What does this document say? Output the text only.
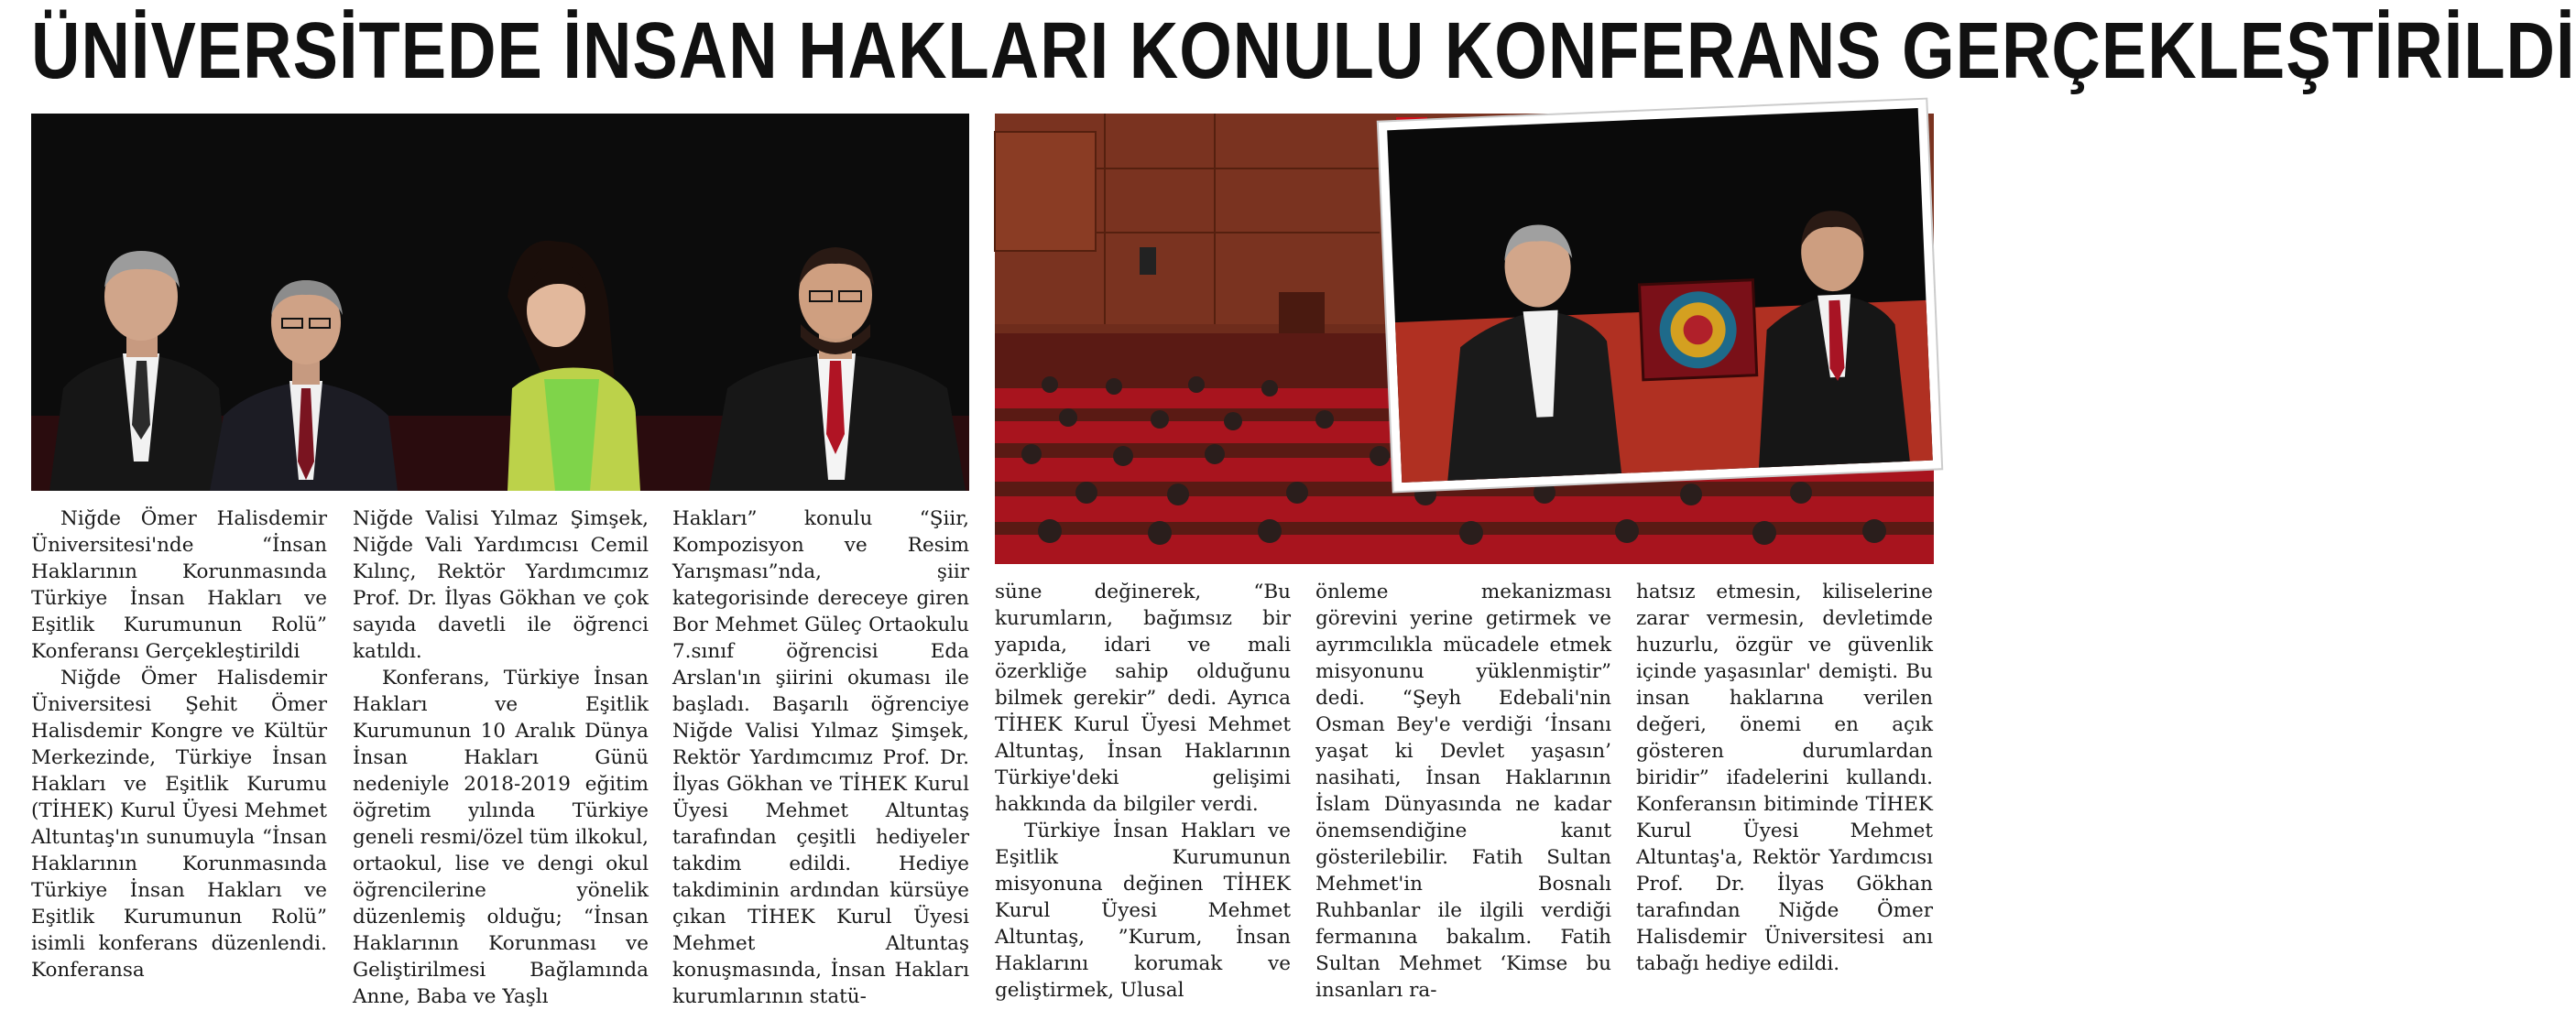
ÜNİVERSİTEDE İNSAN HAKLARI KONULU KONFERANS GERÇEKLEŞTİRİLDİ

Niğde Ömer Halisdemir Üniversitesi'nde “İnsan Haklarının Korunmasında Türkiye İnsan Hakları ve Eşitlik Kurumunun Rolü” Konferansı Gerçekleştirildi

Niğde Ömer Halisdemir Üniversitesi Şehit Ömer Halisdemir Kongre ve Kültür Merkezinde, Türkiye İnsan Hakları ve Eşitlik Kurumu (TİHEK) Kurul Üyesi Mehmet Altuntaş'ın sunumuyla “İnsan Haklarının Korunmasında Türkiye İnsan Hakları ve Eşitlik Kurumunun Rolü” isimli konferans düzenlendi. Konferansa

Niğde Valisi Yılmaz Şimşek, Niğde Vali Yardımcısı Cemil Kılınç, Rektör Yardımcımız Prof. Dr. İlyas Gökhan ve çok sayıda davetli ile öğrenci katıldı.

Konferans, Türkiye İnsan Hakları ve Eşitlik Kurumunun 10 Aralık Dünya İnsan Hakları Günü nedeniyle 2018-2019 eğitim öğretim yılında Türkiye geneli resmi/özel tüm ilkokul, ortaokul, lise ve dengi okul öğrencilerine yönelik düzenlemiş olduğu; “İnsan Haklarının Korunması ve Geliştirilmesi Bağlamında Anne, Baba ve Yaşlı

Hakları” konulu “Şiir, Kompozisyon ve Resim Yarışması”nda, şiir kategorisinde dereceye giren Bor Mehmet Güleç Ortaokulu 7.sınıf öğrencisi Eda Arslan'ın şiirini okuması ile başladı. Başarılı öğrenciye Niğde Valisi Yılmaz Şimşek, Rektör Yardımcımız Prof. Dr. İlyas Gökhan ve TİHEK Kurul Üyesi Mehmet Altuntaş tarafından çeşitli hediyeler takdim edildi. Hediye takdiminin ardından kürsüye çıkan TİHEK Kurul Üyesi Mehmet Altuntaş konuşmasında, İnsan Hakları kurumlarının statü-

süne değinerek, “Bu kurumların, bağımsız bir yapıda, idari ve mali özerkliğe sahip olduğunu bilmek gerekir” dedi. Ayrıca TİHEK Kurul Üyesi Mehmet Altuntaş, İnsan Haklarının Türkiye'deki gelişimi hakkında da bilgiler verdi.

Türkiye İnsan Hakları ve Eşitlik Kurumunun misyonuna değinen TİHEK Kurul Üyesi Mehmet Altuntaş, ”Kurum, İnsan Haklarını korumak ve geliştirmek, Ulusal

önleme mekanizması görevini yerine getirmek ve ayrımcılıkla mücadele etmek misyonunu yüklenmiştir” dedi. “Şeyh Edebali'nin Osman Bey'e verdiği ‘İnsanı yaşat ki Devlet yaşasın’ nasihati, İnsan Haklarının İslam Dünyasında ne kadar önemsendiğine kanıt gösterilebilir. Fatih Sultan Mehmet'in Bosnalı Ruhbanlar ile ilgili verdiği fermanına bakalım. Fatih Sultan Mehmet ‘Kimse bu insanları ra-

hatsız etmesin, kiliselerine zarar vermesin, devletimde huzurlu, özgür ve güvenlik içinde yaşasınlar' demişti. Bu insan haklarına verilen değeri, önemi en açık gösteren durumlardan biridir” ifadelerini kullandı. Konferansın bitiminde TİHEK Kurul Üyesi Mehmet Altuntaş'a, Rektör Yardımcısı Prof. Dr. İlyas Gökhan tarafından Niğde Ömer Halisdemir Üniversitesi anı tabağı hediye edildi.
